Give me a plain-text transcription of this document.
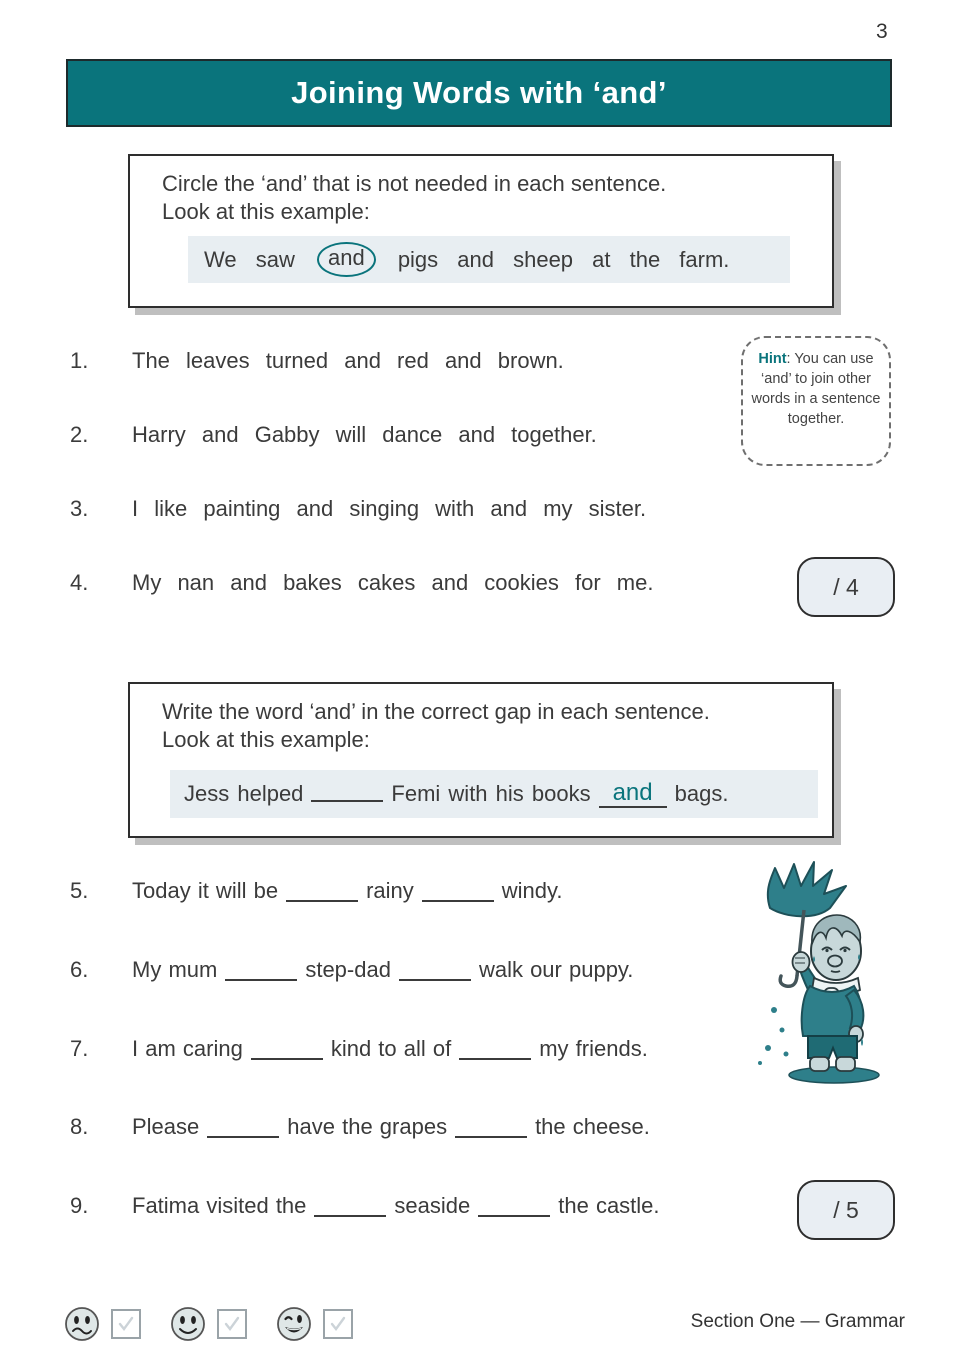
3
Joining Words with ‘and’
Circle the ‘and’ that is not needed in each sentence.
Look at this example:
We saw
	and
	pigs and sheep at the farm.
1. The leaves turned and red and brown.
2. Harry and Gabby will dance and together.
3. I like painting and singing with and my sister.
4. My nan and bakes cakes and cookies for me.
Hint: You can use ‘and’ to join other words in a sentence together.
/ 4
Write the word ‘and’ in the correct gap in each sentence.
Look at this example:
Jess helped	Femi with his books and bags.
5. Today it will be	rainy	windy.
6. My mum	step-dad	walk our puppy.
7. I am caring	kind to all of	my friends.
8. Please	have the grapes	the cheese.
9. Fatima visited the	seaside	the castle.	/ 5
Section One — Grammar
